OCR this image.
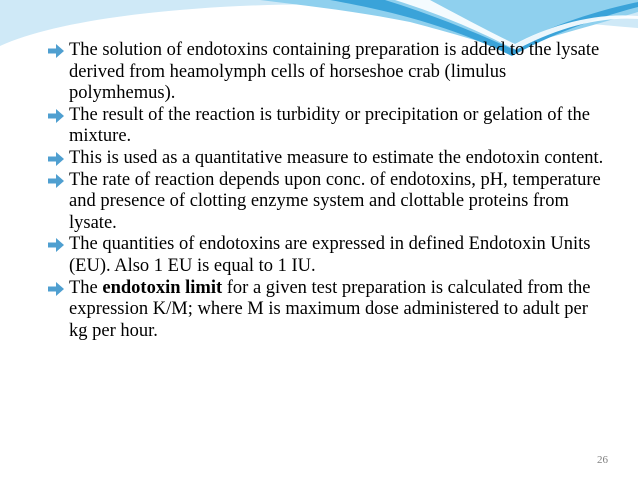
The solution of endotoxins containing preparation is added to the lysate derived from heamolymph cells of horseshoe crab (limulus polymhemus).
The result of the reaction is turbidity or precipitation or gelation of the mixture.
This is used as a quantitative measure to estimate the endotoxin content.
The rate of reaction depends upon conc. of endotoxins, pH, temperature and presence of clotting enzyme system and clottable proteins from lysate.
The quantities of endotoxins are expressed in defined Endotoxin Units (EU). Also 1 EU is equal to 1 IU.
The endotoxin limit for a given test preparation is calculated from the expression K/M; where M is maximum dose administered to adult per kg per hour.
26
